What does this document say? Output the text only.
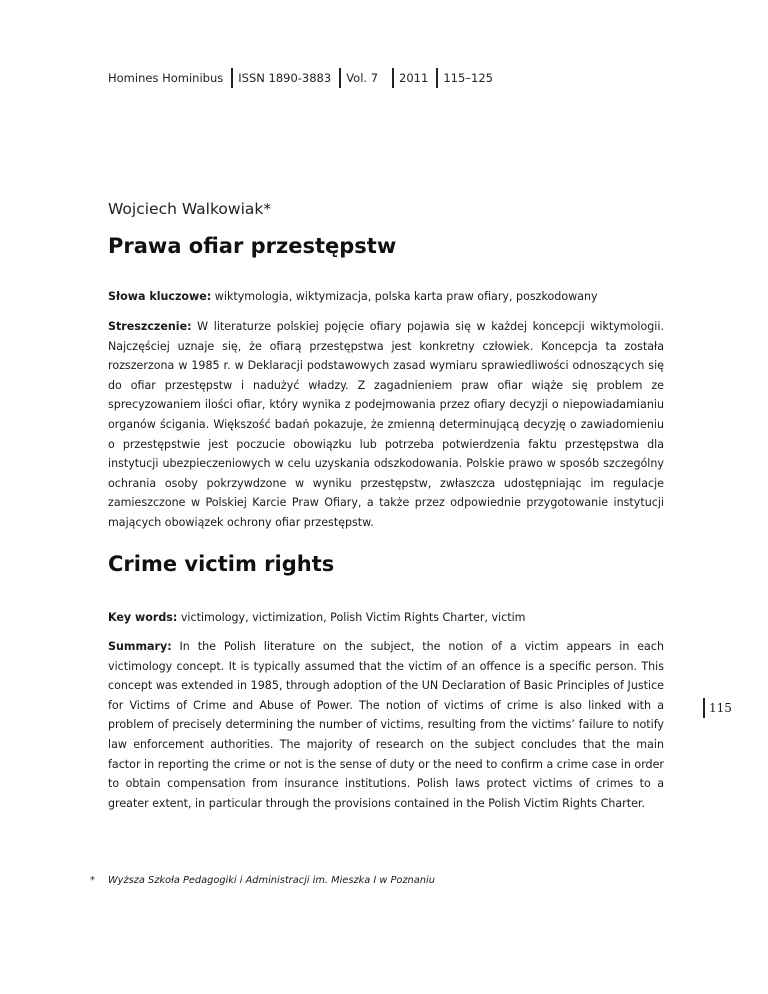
Homines Hominibus ISSN 1890-3883 Vol. 7 2011 115–125
Wojciech Walkowiak*
Prawa ofiar przestępstw
Słowa kluczowe: wiktymologia, wiktymizacja, polska karta praw ofiary, poszkodowany
Streszczenie: W literaturze polskiej pojęcie ofiary pojawia się w każdej koncepcji wiktymologii. Najczęściej uznaje się, że ofiarą przestępstwa jest konkretny człowiek. Koncepcja ta została rozszerzona w 1985 r. w Deklaracji podstawowych zasad wymiaru sprawiedliwości odnoszących się do ofiar przestępstw i nadużyć władzy. Z zagadnieniem praw ofiar wiąże się problem ze sprecyzowaniem ilości ofiar, który wynika z podejmowania przez ofiary decyzji o niepowiadamianiu organów ścigania. Większość badań pokazuje, że zmienną determinującą decyzję o zawiadomieniu o przestępstwie jest poczucie obowiązku lub potrzeba potwierdzenia faktu przestępstwa dla instytucji ubezpieczeniowych w celu uzyskania odszkodowania. Polskie prawo w sposób szczególny ochrania osoby pokrzywdzone w wyniku przestępstw, zwłaszcza udostępniając im regulacje zamieszczone w Polskiej Karcie Praw Ofiary, a także przez odpowiednie przygotowanie instytucji mających obowiązek ochrony ofiar przestępstw.
Crime victim rights
Key words: victimology, victimization, Polish Victim Rights Charter, victim
Summary: In the Polish literature on the subject, the notion of a victim appears in each victimology concept. It is typically assumed that the victim of an offence is a specific person. This concept was extended in 1985, through adoption of the UN Declaration of Basic Principles of Justice for Victims of Crime and Abuse of Power. The notion of victims of crime is also linked with a problem of precisely determining the number of victims, resulting from the victims’ failure to notify law enforcement authorities. The majority of research on the subject concludes that the main factor in reporting the crime or not is the sense of duty or the need to confirm a crime case in order to obtain compensation from insurance institutions. Polish laws protect victims of crimes to a greater extent, in particular through the provisions contained in the Polish Victim Rights Charter.
115
* Wyższa Szkoła Pedagogiki i Administracji im. Mieszka I w Poznaniu
